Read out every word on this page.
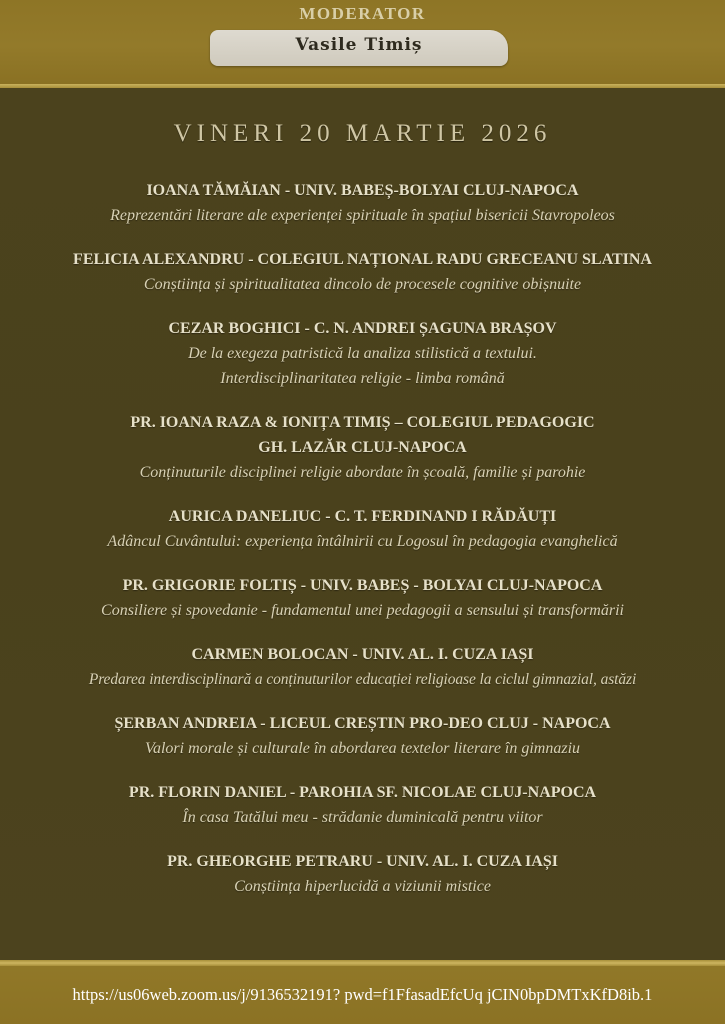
MODERATOR
Vasile Timiș
VINERI 20 MARTIE 2026
IOANA TĂMĂIAN - UNIV. BABEȘ-BOLYAI CLUJ-NAPOCA
Reprezentări literare ale experienței spirituale în spațiul bisericii Stavropoleos
FELICIA ALEXANDRU - COLEGIUL NAȚIONAL RADU GRECEANU SLATINA
Conștiința și spiritualitatea dincolo de procesele cognitive obișnuite
CEZAR BOGHICI - C. N. ANDREI ȘAGUNA BRAȘOV
De la exegeza patristică la analiza stilistică a textului.
Interdisciplinaritatea religie - limba română
PR. IOANA RAZA & IONIȚA TIMIȘ – COLEGIUL PEDAGOGIC
GH. LAZĂR CLUJ-NAPOCA
Conținuturile disciplinei religie abordate în școală, familie și parohie
AURICA DANELIUC - C. T. FERDINAND I RĂDĂUȚI
Adâncul Cuvântului: experiența întâlnirii cu Logosul în pedagogia evanghelică
PR. GRIGORIE FOLTIȘ - UNIV. BABEȘ - BOLYAI CLUJ-NAPOCA
Consiliere și spovedanie - fundamentul unei pedagogii a sensului și transformării
CARMEN BOLOCAN - UNIV. AL. I. CUZA IAȘI
Predarea interdisciplinară a conținuturilor educației religioase la ciclul gimnazial, astăzi
ȘERBAN ANDREIA - LICEUL CREȘTIN PRO-DEO CLUJ - NAPOCA
Valori morale și culturale în abordarea textelor literare în gimnaziu
PR. FLORIN DANIEL - PAROHIA SF. NICOLAE CLUJ-NAPOCA
În casa Tatălui meu - strădanie duminicală pentru viitor
PR. GHEORGHE PETRARU - UNIV. AL. I. CUZA IAȘI
Conștiința hiperlucidă a viziunii mistice
https://us06web.zoom.us/j/9136532191? pwd=f1FfasadEfcUq jCIN0bpDMTxKfD8ib.1
